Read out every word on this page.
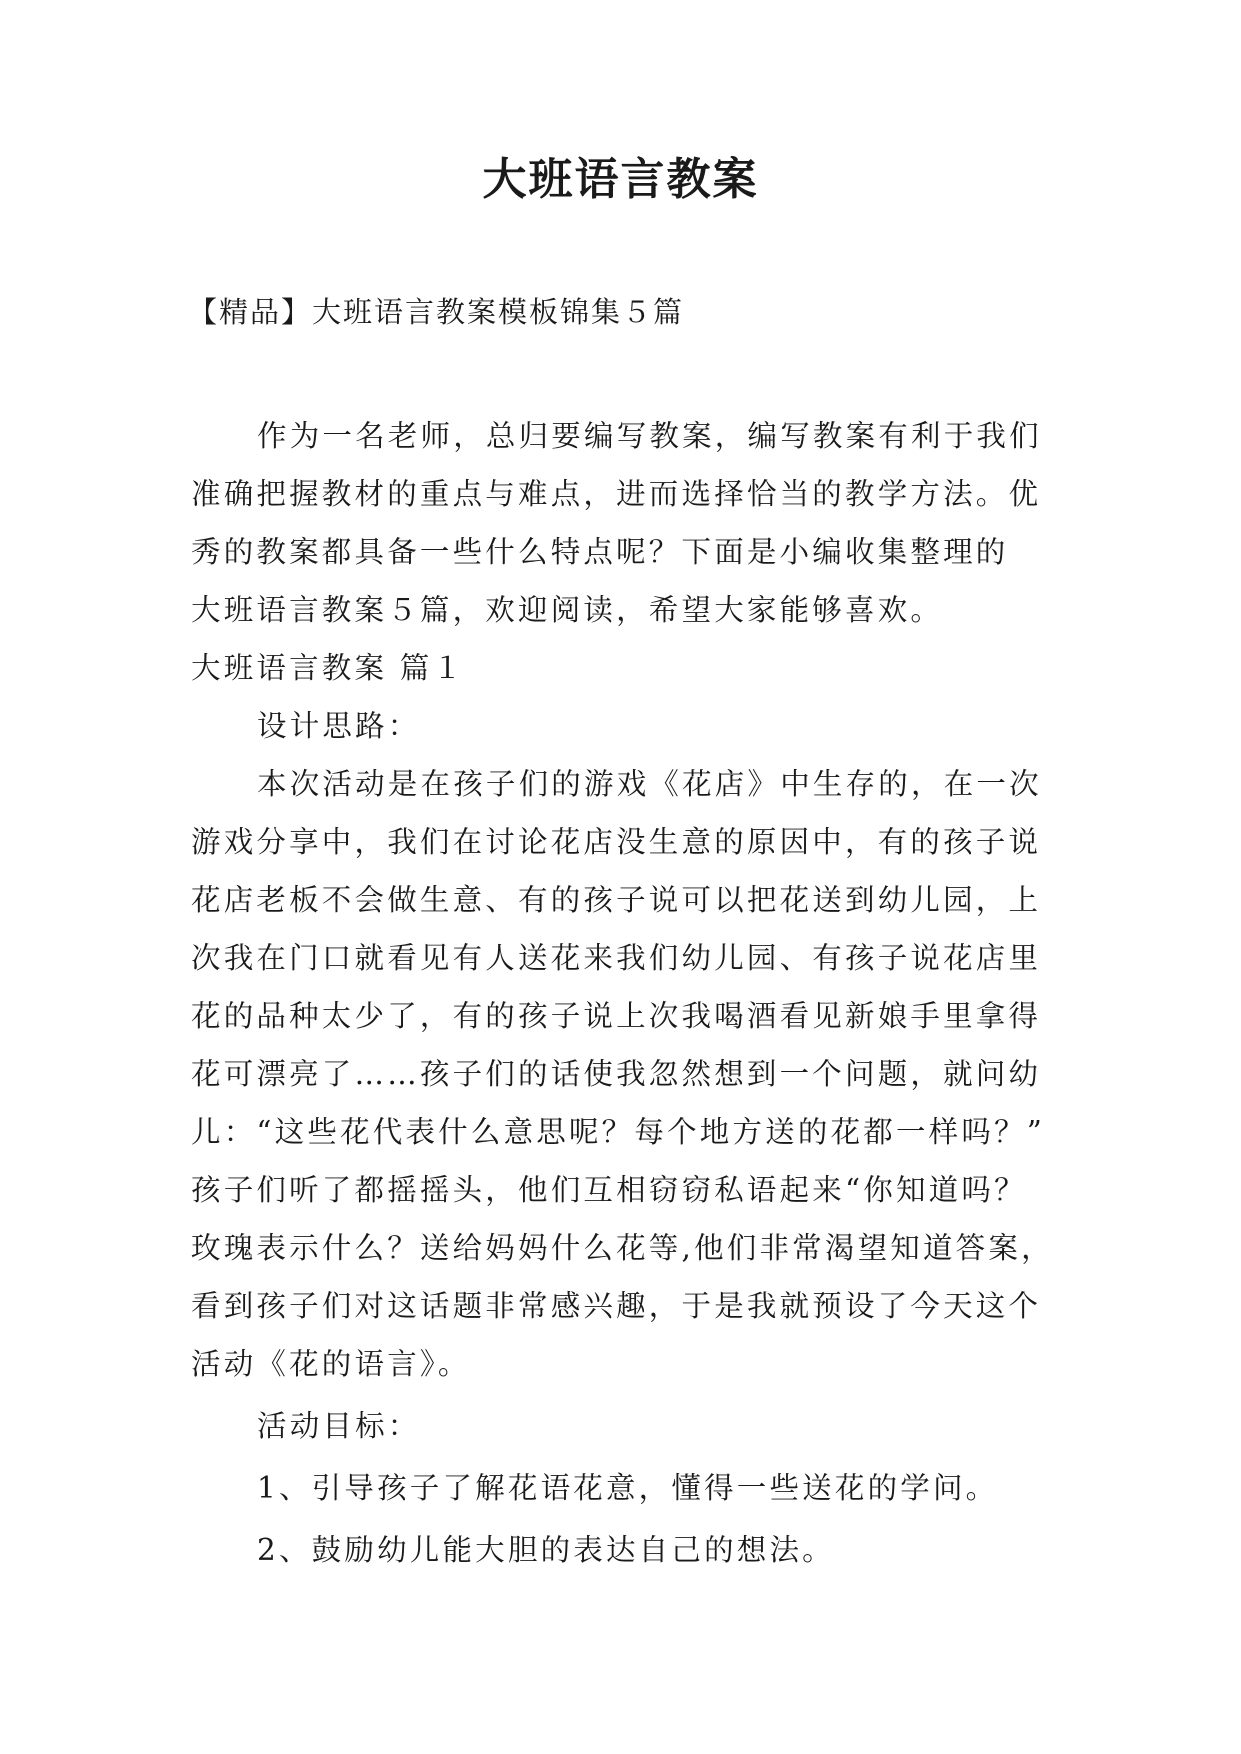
大班语言教案
【精品】大班语言教案模板锦集５篇
作为一名老师，总归要编写教案，编写教案有利于我们
准确把握教材的重点与难点，进而选择恰当的教学方法。优
秀的教案都具备一些什么特点呢？下面是小编收集整理的
大班语言教案５篇，欢迎阅读，希望大家能够喜欢。
大班语言教案 篇１
设计思路：
本次活动是在孩子们的游戏《花店》中生存的，在一次
游戏分享中，我们在讨论花店没生意的原因中，有的孩子说
花店老板不会做生意、有的孩子说可以把花送到幼儿园，上
次我在门口就看见有人送花来我们幼儿园、有孩子说花店里
花的品种太少了，有的孩子说上次我喝酒看见新娘手里拿得
花可漂亮了……孩子们的话使我忽然想到一个问题，就问幼
儿：“这些花代表什么意思呢？每个地方送的花都一样吗？”
孩子们听了都摇摇头，他们互相窃窃私语起来“你知道吗？
玫瑰表示什么？送给妈妈什么花等,他们非常渴望知道答案，
看到孩子们对这话题非常感兴趣，于是我就预设了今天这个
活动《花的语言》。
活动目标：
1、引导孩子了解花语花意，懂得一些送花的学问。
2、鼓励幼儿能大胆的表达自己的想法。
